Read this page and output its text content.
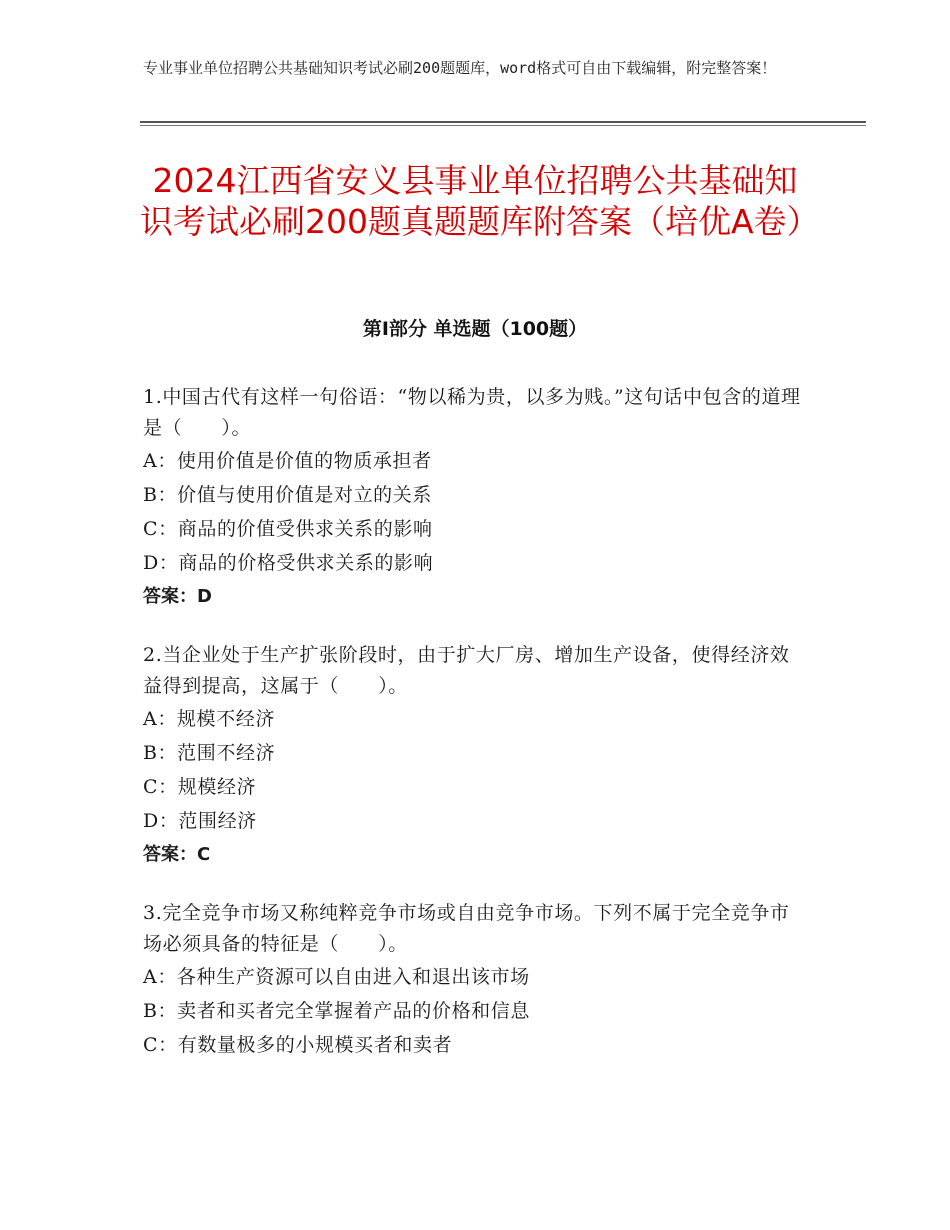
专业事业单位招聘公共基础知识考试必刷200题题库，word格式可自由下载编辑，附完整答案！
2024江西省安义县事业单位招聘公共基础知识考试必刷200题真题题库附答案（培优A卷）
第Ⅰ部分 单选题（100题）

1.中国古代有这样一句俗语：“物以稀为贵，以多为贱。”这句话中包含的道理是（　　）。

A：使用价值是价值的物质承担者

B：价值与使用价值是对立的关系

C：商品的价值受供求关系的影响

D：商品的价格受供求关系的影响

答案：D

2.当企业处于生产扩张阶段时，由于扩大厂房、增加生产设备，使得经济效益得到提高，这属于（　　）。

A：规模不经济

B：范围不经济

C：规模经济

D：范围经济

答案：C

3.完全竞争市场又称纯粹竞争市场或自由竞争市场。下列不属于完全竞争市场必须具备的特征是（　　）。

A：各种生产资源可以自由进入和退出该市场

B：卖者和买者完全掌握着产品的价格和信息

C：有数量极多的小规模买者和卖者
